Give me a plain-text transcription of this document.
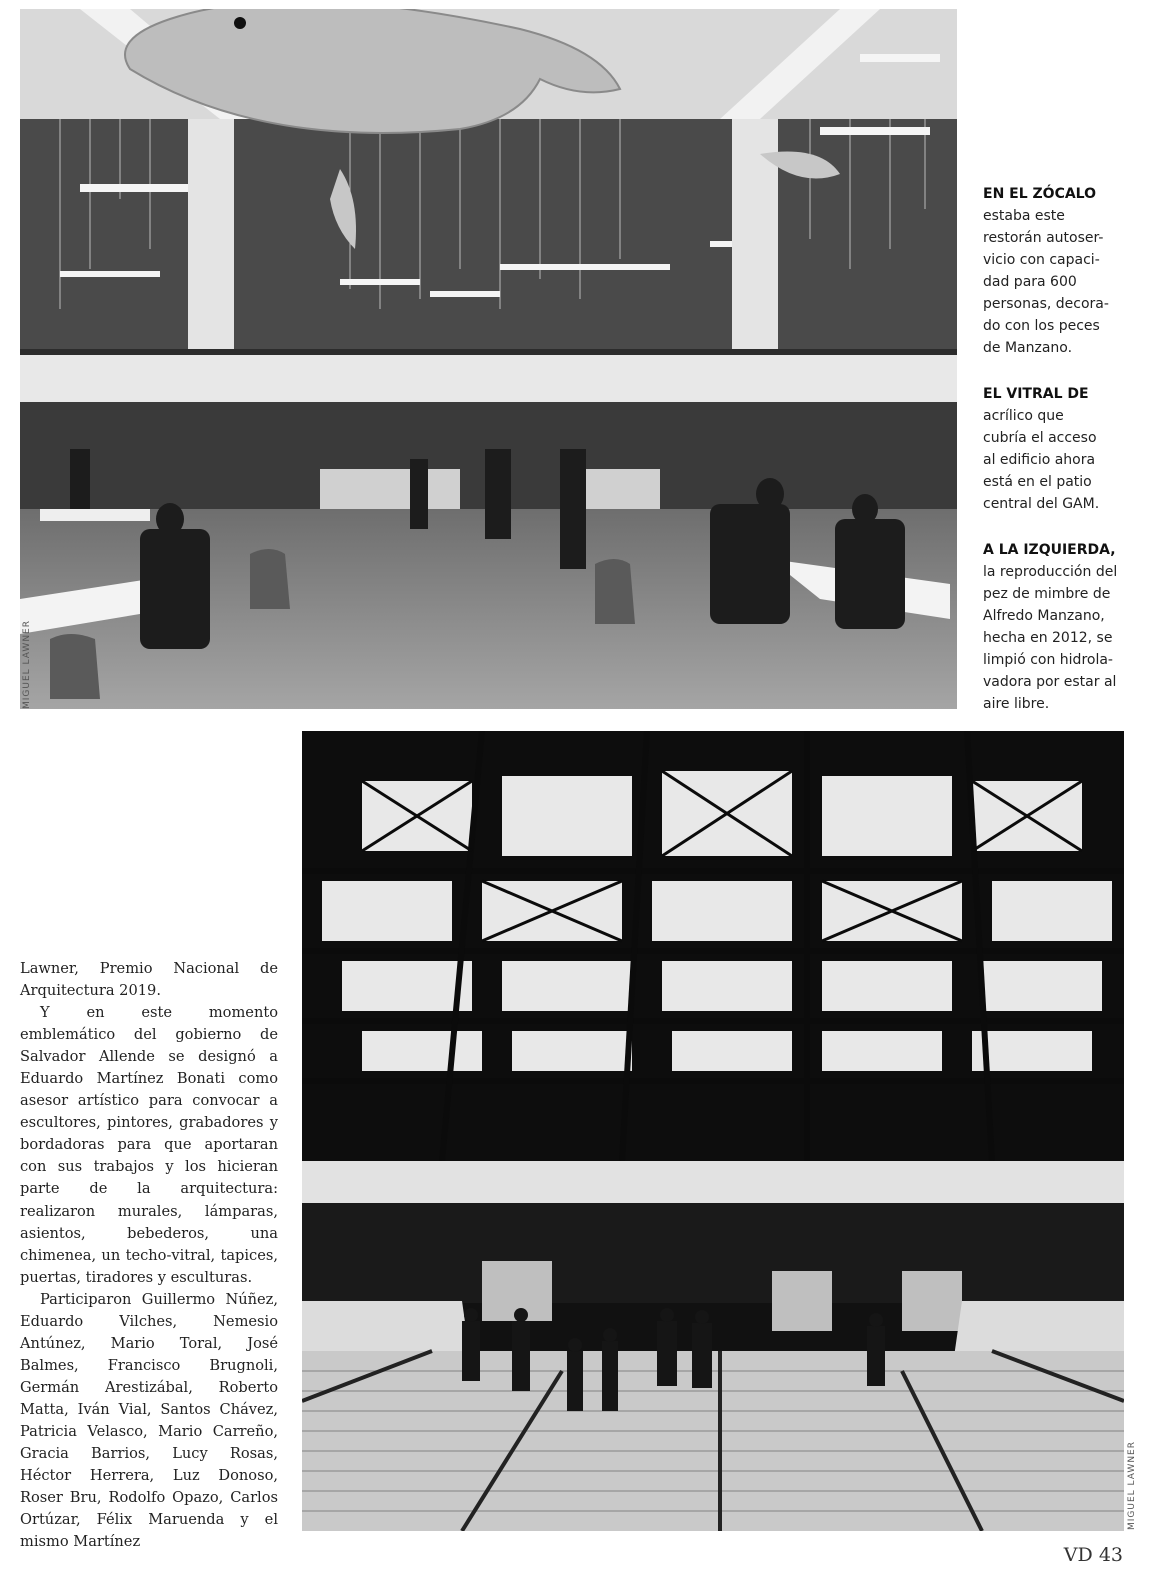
MIGUEL LAWNER
EN EL ZÓCALO
estaba este
restorán autoser-
vicio con capaci-
dad para 600
personas, decora-
do con los peces
de Manzano.
EL VITRAL DE
acrílico que
cubría el acceso
al edificio ahora
está en el patio
central del GAM.
A LA IZQUIERDA,
la reproducción del
pez de mimbre de
Alfredo Manzano,
hecha en 2012, se
limpió con hidrola-
vadora por estar al
aire libre.
MIGUEL LAWNER

Lawner, Premio Nacional de Arquitectura 2019.

Y en este momento emblemático del gobierno de Salvador Allende se designó a Eduardo Martínez Bonati como asesor artístico para convocar a escultores, pintores, grabadores y bordadoras para que aportaran con sus trabajos y los hicieran parte de la arquitectura: realizaron murales, lámparas, asientos, bebederos, una chimenea, un techo-vitral, tapices, puertas, tiradores y esculturas.

Participaron Guillermo Núñez, Eduardo Vilches, Nemesio Antúnez, Mario Toral, José Balmes, Francisco Brugnoli, Germán Arestizábal, Roberto Matta, Iván Vial, Santos Chávez, Patricia Velasco, Mario Carreño, Gracia Barrios, Lucy Rosas, Héctor Herrera, Luz Donoso, Roser Bru, Rodolfo Opazo, Carlos Ortúzar, Félix Maruenda y el mismo Martínez

VD 43
